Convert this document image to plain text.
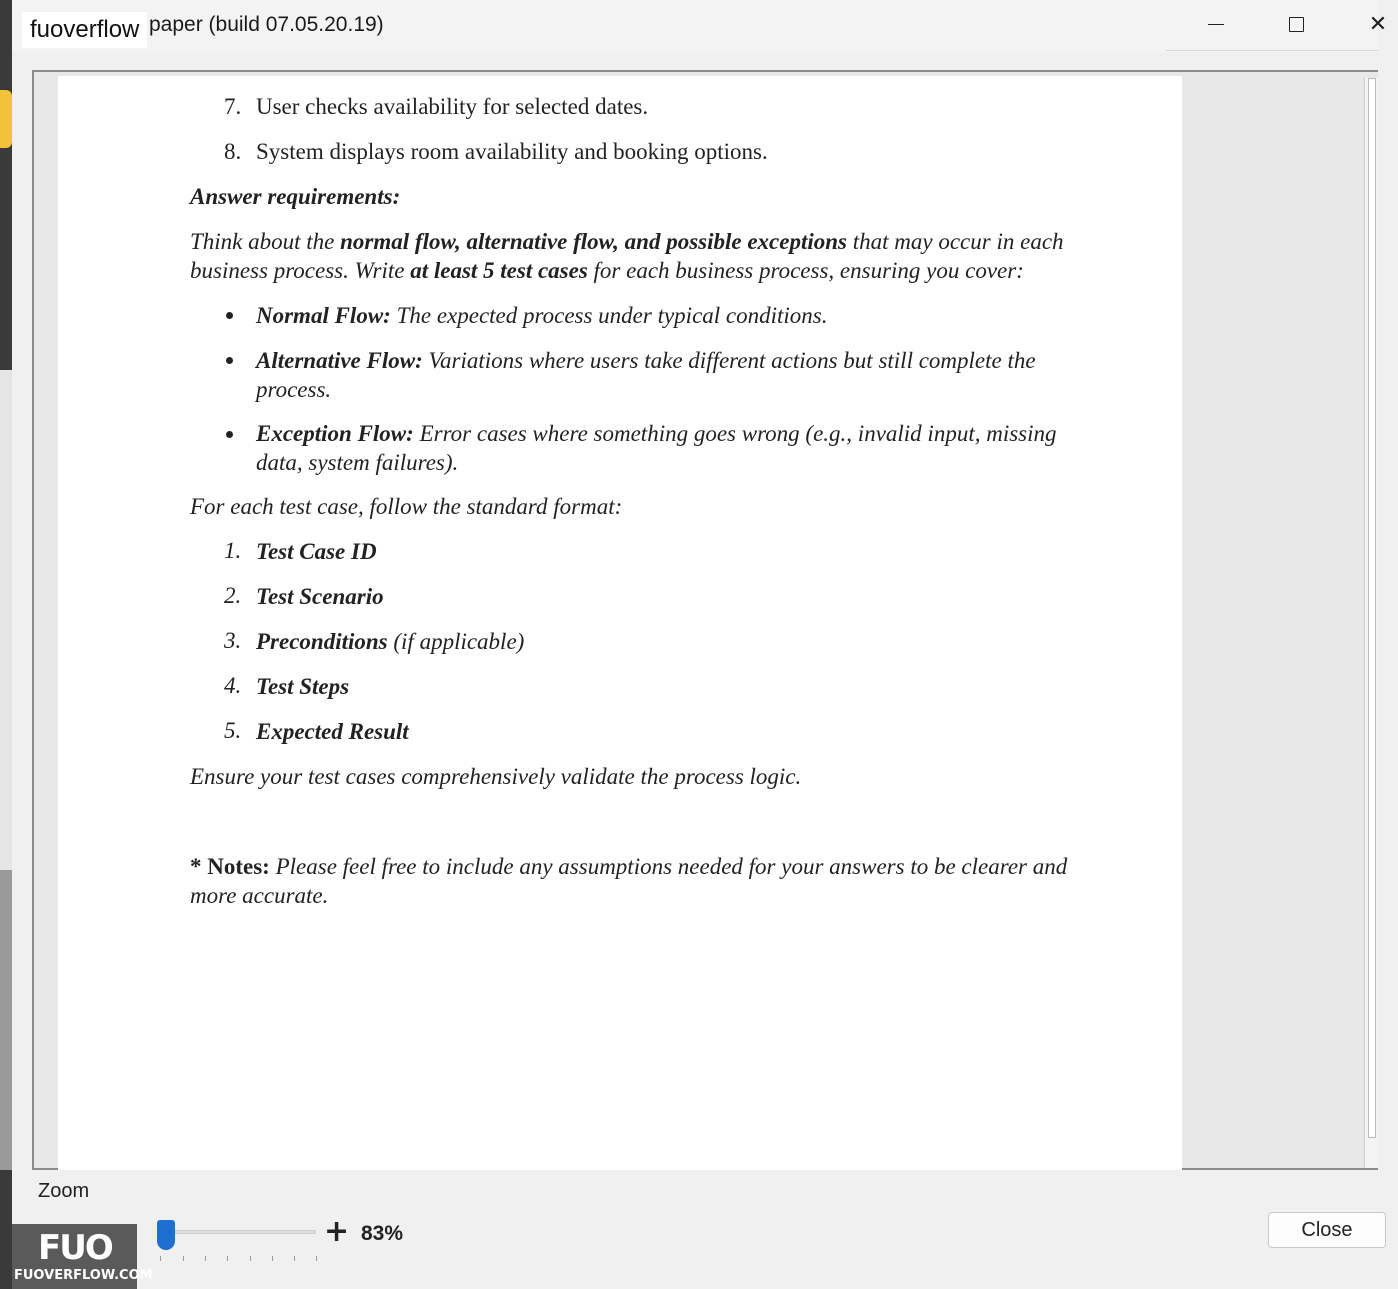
fuoverflow paper (build 07.05.20.19)	✕
7. User checks availability for selected dates.
8. System displays room availability and booking options.
Answer requirements:
Think about the normal flow, alternative flow, and possible exceptions that may occur in each
business process. Write at least 5 test cases for each business process, ensuring you cover:
Normal Flow: The expected process under typical conditions.
Alternative Flow: Variations where users take different actions but still complete the
process.
Exception Flow: Error cases where something goes wrong (e.g., invalid input, missing
data, system failures).
For each test case, follow the standard format:
1. Test Case ID
2. Test Scenario
3. Preconditions (if applicable)
4. Test Steps
5. Expected Result
Ensure your test cases comprehensively validate the process logic.
* Notes: Please feel free to include any assumptions needed for your answers to be clearer and
more accurate.
Zoom
+ 83%	Close
FUO
FUOVERFLOW.COM
